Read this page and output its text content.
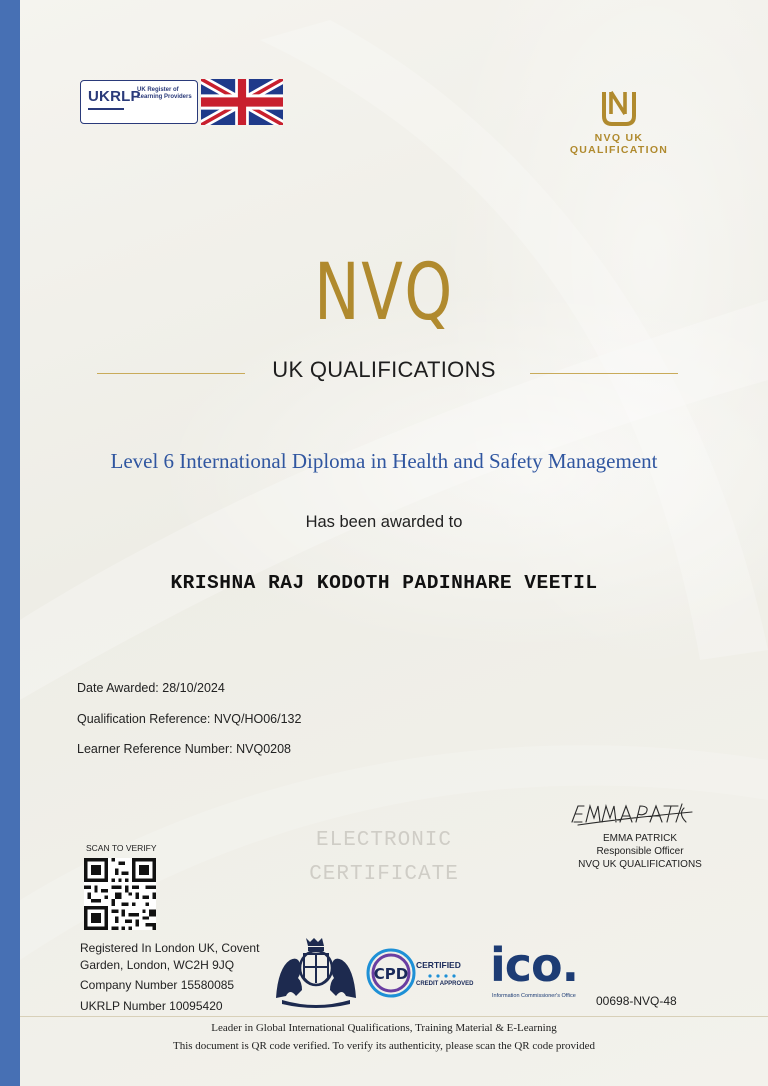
UKRLP
UK Register of Learning Providers
NVQ UK QUALIFICATION
NVQ
UK QUALIFICATIONS
Level 6 International Diploma in Health and Safety Management
Has been awarded to
KRISHNA RAJ KODOTH PADINHARE VEETIL
Date Awarded: 28/10/2024
Qualification Reference: NVQ/HO06/132
Learner Reference Number: NVQ0208
EMMA PATRICK
Responsible Officer
NVQ UK QUALIFICATIONS
ELECTRONIC
CERTIFICATE
SCAN TO VERIFY
Registered In London UK, Covent
Garden, London, WC2H 9JQ
Company Number 15580085
UKRLP Number 10095420
CPD CERTIFIED
CREDIT APPROVED ico.
Information Commissioner's Office 00698-NVQ-48
Leader in Global International Qualifications, Training Material & E-Learning
This document is QR code verified. To verify its authenticity, please scan the QR code provided
